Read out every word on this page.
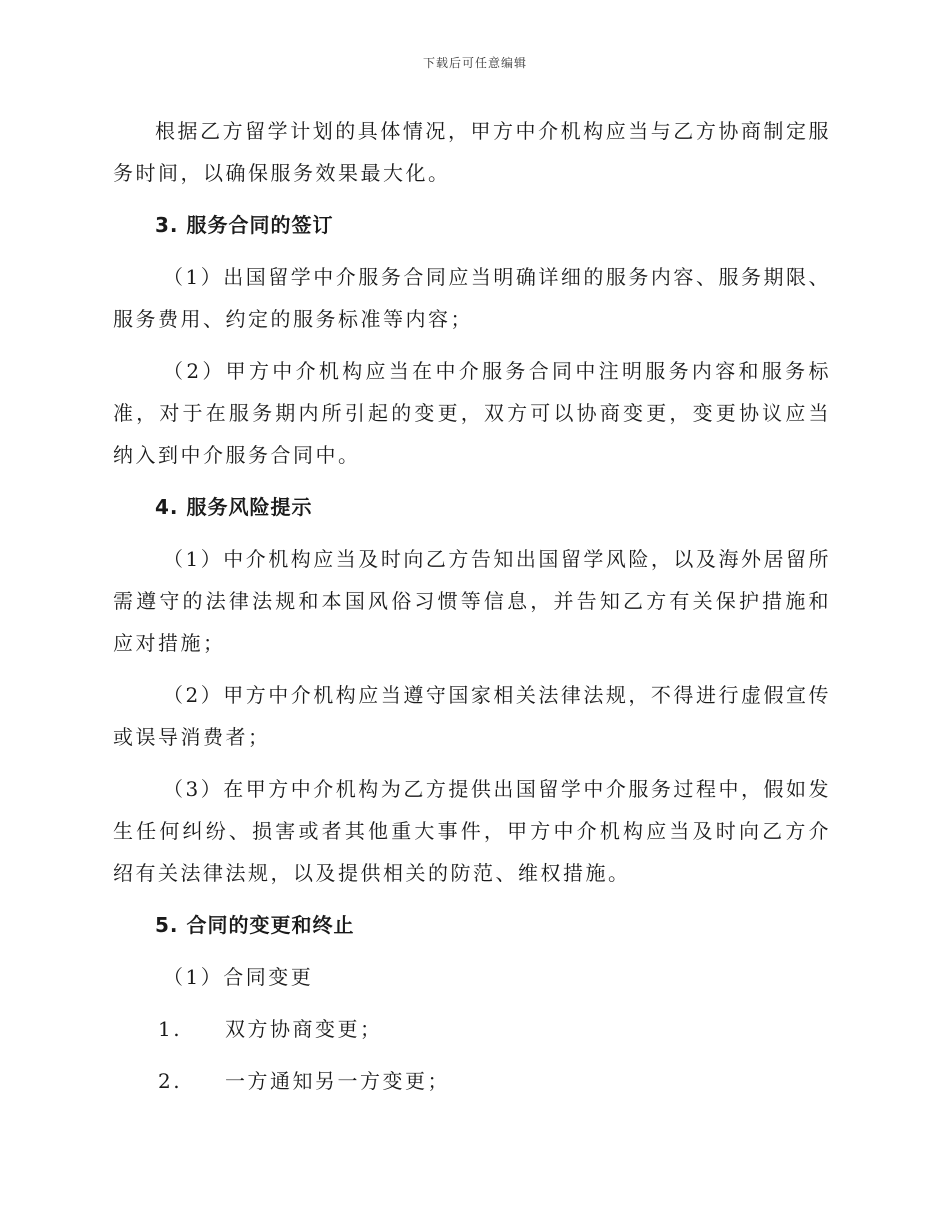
下载后可任意编辑

根据乙方留学计划的具体情况，甲方中介机构应当与乙方协商制定服务时间，以确保服务效果最大化。

3. 服务合同的签订

（1）出国留学中介服务合同应当明确详细的服务内容、服务期限、服务费用、约定的服务标准等内容；

（2）甲方中介机构应当在中介服务合同中注明服务内容和服务标准，对于在服务期内所引起的变更，双方可以协商变更，变更协议应当纳入到中介服务合同中。

4. 服务风险提示

（1）中介机构应当及时向乙方告知出国留学风险，以及海外居留所需遵守的法律法规和本国风俗习惯等信息，并告知乙方有关保护措施和应对措施；

（2）甲方中介机构应当遵守国家相关法律法规，不得进行虚假宣传或误导消费者；

（3）在甲方中介机构为乙方提供出国留学中介服务过程中，假如发生任何纠纷、损害或者其他重大事件，甲方中介机构应当及时向乙方介绍有关法律法规，以及提供相关的防范、维权措施。

5. 合同的变更和终止

（1）合同变更

1.	双方协商变更；
2.	一方通知另一方变更；
